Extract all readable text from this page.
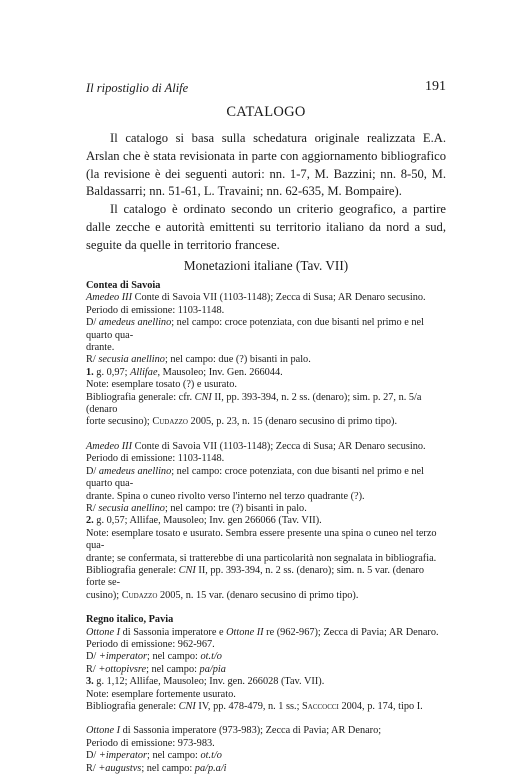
Il ripostiglio di Alife	191
CATALOGO

Il catalogo si basa sulla schedatura originale realizzata E.A. Arslan che è stata revisionata in parte con aggiornamento bibliografico (la revisione è dei seguenti autori: nn. 1-7, M. Bazzini; nn. 8-50, M. Baldassarri; nn. 51-61, L. Travaini; nn. 62-635, M. Bompaire).

Il catalogo è ordinato secondo un criterio geografico, a partire dalle zecche e autorità emittenti su territorio italiano da nord a sud, seguite da quelle in territorio francese.

Monetazioni italiane (Tav. VII)

Contea di Savoia

Amedeo III Conte di Savoia VII (1103-1148); Zecca di Susa; AR Denaro secusino.

Periodo di emissione: 1103-1148.

D/ amedeus anellino; nel campo: croce potenziata, con due bisanti nel primo e nel quarto qua-

drante.

R/ secusia anellino; nel campo: due (?) bisanti in palo.

1. g. 0,97; Allifae, Mausoleo; Inv. Gen. 266044.

Note: esemplare tosato (?) e usurato.

Bibliografia generale: cfr. CNI II, pp. 393-394, n. 2 ss. (denaro); sim. p. 27, n. 5/a (denaro

forte secusino); Cudazzo 2005, p. 23, n. 15 (denaro secusino di primo tipo).

Amedeo III Conte di Savoia VII (1103-1148); Zecca di Susa; AR Denaro secusino.

Periodo di emissione: 1103-1148.

D/ amedeus anellino; nel campo: croce potenziata, con due bisanti nel primo e nel quarto qua-

drante. Spina o cuneo rivolto verso l'interno nel terzo quadrante (?).

R/ secusia anellino; nel campo: tre (?) bisanti in palo.

2. g. 0,57; Allifae, Mausoleo; Inv. gen 266066 (Tav. VII).

Note: esemplare tosato e usurato. Sembra essere presente una spina o cuneo nel terzo qua-

drante; se confermata, si tratterebbe di una particolarità non segnalata in bibliografia.

Bibliografia generale: CNI II, pp. 393-394, n. 2 ss. (denaro); sim. n. 5 var. (denaro forte se-

cusino); Cudazzo 2005, n. 15 var. (denaro secusino di primo tipo).

Regno italico, Pavia

Ottone I di Sassonia imperatore e Ottone II re (962-967); Zecca di Pavia; AR Denaro.

Periodo di emissione: 962-967.

D/ +imperator; nel campo: ot.t/o

R/ +ottopivsre; nel campo: pa/pia

3. g. 1,12; Allifae, Mausoleo; Inv. gen. 266028 (Tav. VII).

Note: esemplare fortemente usurato.

Bibliografia generale: CNI IV, pp. 478-479, n. 1 ss.; Saccocci 2004, p. 174, tipo I.

Ottone I di Sassonia imperatore (973-983); Zecca di Pavia; AR Denaro;

Periodo di emissione: 973-983.

D/ +imperator; nel campo: ot.t/o

R/ +augustvs; nel campo: pa/p.a/i
